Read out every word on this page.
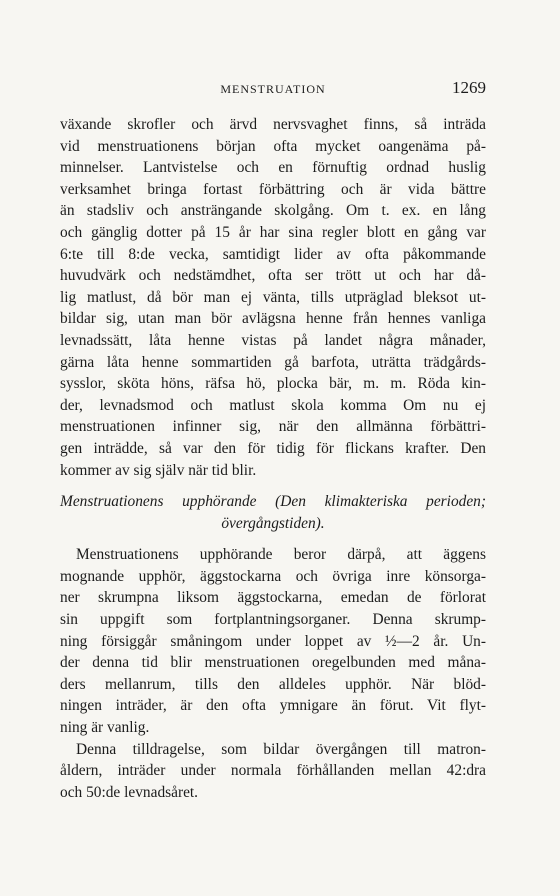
MENSTRUATION	1269
växande skrofler och ärvd nervsvaghet finns, så inträda
vid menstruationens början ofta mycket oangenäma på-
minnelser. Lantvistelse och en förnuftig ordnad huslig
verksamhet bringa fortast förbättring och är vida bättre
än stadsliv och ansträngande skolgång. Om t. ex. en lång
och gänglig dotter på 15 år har sina regler blott en gång var
6:te till 8:de vecka, samtidigt lider av ofta påkommande
huvudvärk och nedstämdhet, ofta ser trött ut och har då-
lig matlust, då bör man ej vänta, tills utpräglad bleksot ut-
bildar sig, utan man bör avlägsna henne från hennes vanliga
levnadssätt, låta henne vistas på landet några månader,
gärna låta henne sommartiden gå barfota, uträtta trädgårds-
sysslor, sköta höns, räfsa hö, plocka bär, m. m. Röda kin-
der, levnadsmod och matlust skola komma Om nu ej
menstruationen infinner sig, när den allmänna förbättri-
gen inträdde, så var den för tidig för flickans krafter. Den
kommer av sig själv när tid blir.
Menstruationens upphörande (Den klimakteriska perioden;
övergångstiden).
Menstruationens upphörande beror därpå, att äggens
mognande upphör, äggstockarna och övriga inre könsorga-
ner skrumpna liksom äggstockarna, emedan de förlorat
sin uppgift som fortplantningsorganer. Denna skrump-
ning försiggår småningom under loppet av ½—2 år. Un-
der denna tid blir menstruationen oregelbunden med måna-
ders mellanrum, tills den alldeles upphör. När blöd-
ningen inträder, är den ofta ymnigare än förut. Vit flyt-
ning är vanlig.
Denna tilldragelse, som bildar övergången till matron-
åldern, inträder under normala förhållanden mellan 42:dra
och 50:de levnadsåret.
